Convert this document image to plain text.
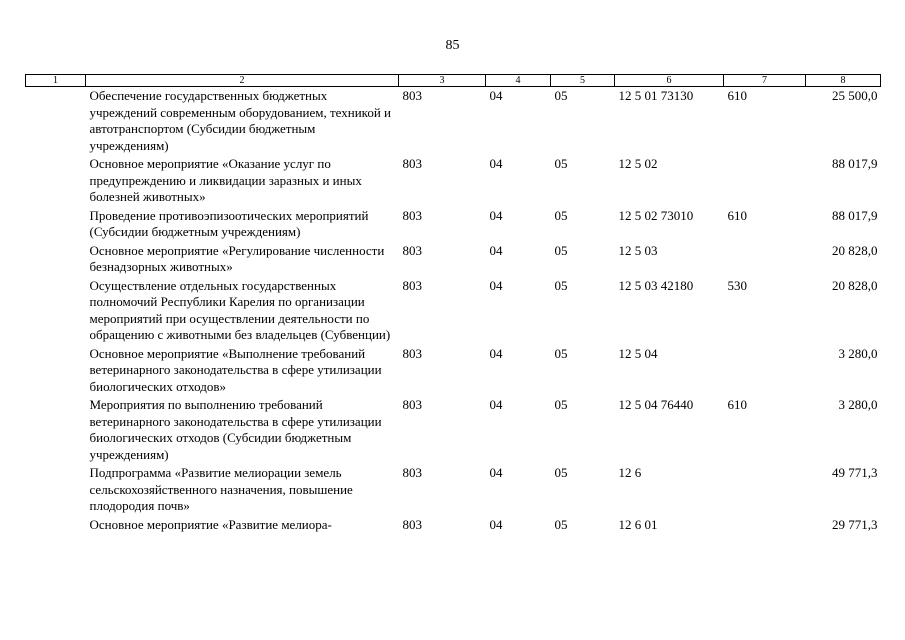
85
1	2	3	4	5	6	7	8
	Обеспечение государственных бюджетных учреждений современным оборудованием, техникой и автотранспортом (Субсидии бюджетным учреждениям)	803	04	05	12 5 01 73130	610	25 500,0
	Основное мероприятие «Оказание услуг по предупреждению и ликвидации заразных и иных болезней животных»	803	04	05	12 5 02		88 017,9
	Проведение противоэпизоотических мероприятий (Субсидии бюджетным учреждениям)	803	04	05	12 5 02 73010	610	88 017,9
	Основное мероприятие «Регулирование численности безнадзорных животных»	803	04	05	12 5 03		20 828,0
	Осуществление отдельных государственных полномочий Республики Карелия по организации мероприятий при осуществлении деятельности по обращению с животными без владельцев (Субвенции)	803	04	05	12 5 03 42180	530	20 828,0
	Основное мероприятие «Выполнение требований ветеринарного законодательства в сфере утилизации биологических отходов»	803	04	05	12 5 04		3 280,0
	Мероприятия по выполнению требований ветеринарного законодательства в сфере утилизации биологических отходов (Субсидии бюджетным учреждениям)	803	04	05	12 5 04 76440	610	3 280,0
	Подпрограмма «Развитие мелиорации земель сельскохозяйственного назначения, повышение плодородия почв»	803	04	05	12 6		49 771,3
	Основное мероприятие «Развитие мелиора-	803	04	05	12 6 01		29 771,3
